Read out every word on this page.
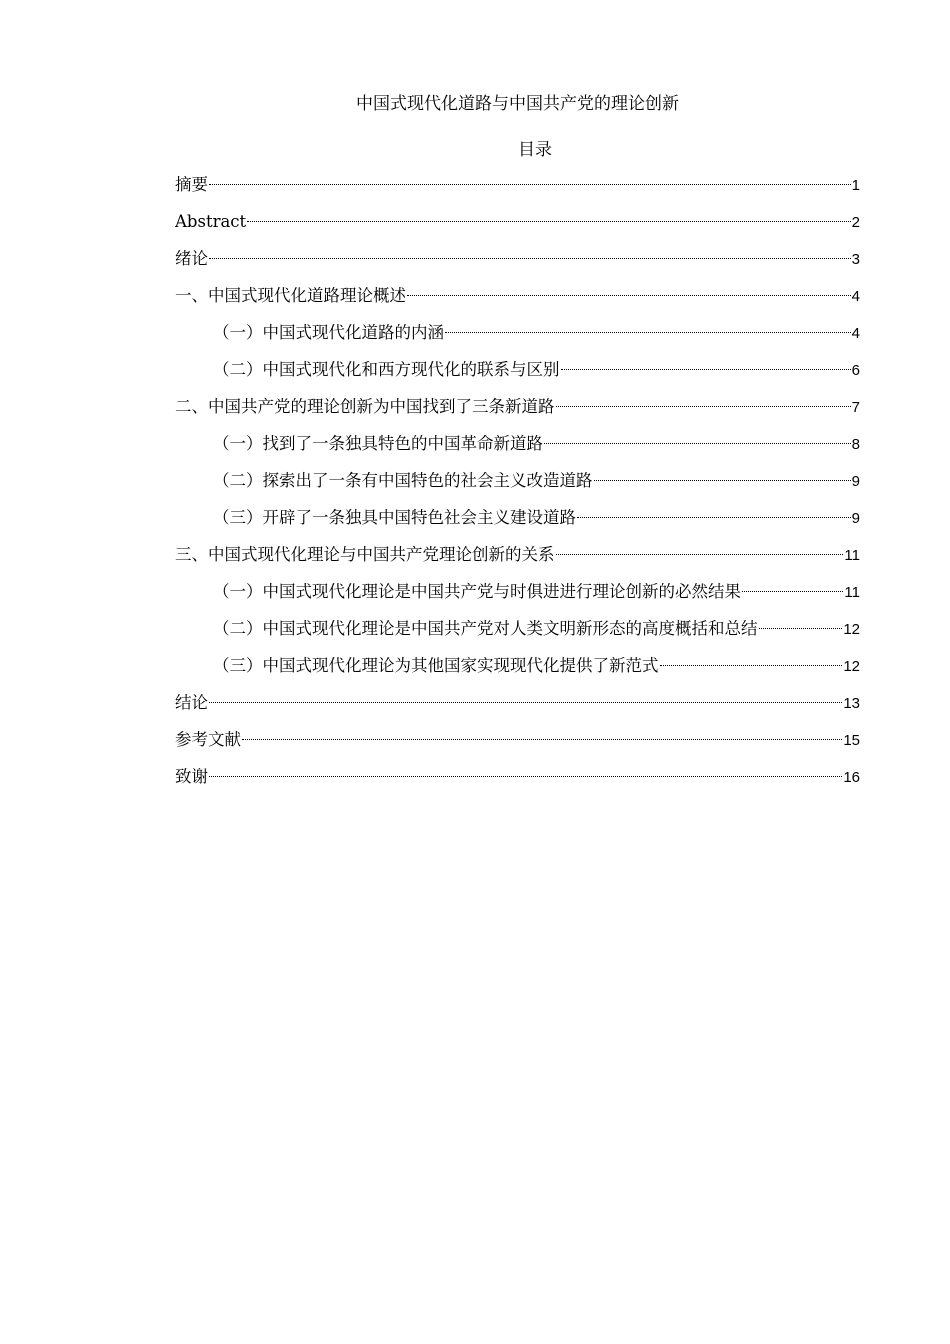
中国式现代化道路与中国共产党的理论创新
目录
摘要	1
Abstract	2
绪论	3
一、中国式现代化道路理论概述	4
（一）中国式现代化道路的内涵	4
（二）中国式现代化和西方现代化的联系与区别	6
二、中国共产党的理论创新为中国找到了三条新道路	7
（一）找到了一条独具特色的中国革命新道路	8
（二）探索出了一条有中国特色的社会主义改造道路	9
（三）开辟了一条独具中国特色社会主义建设道路	9
三、中国式现代化理论与中国共产党理论创新的关系	11
（一）中国式现代化理论是中国共产党与时俱进进行理论创新的必然结果	11
（二）中国式现代化理论是中国共产党对人类文明新形态的高度概括和总结	12
（三）中国式现代化理论为其他国家实现现代化提供了新范式	12
结论	13
参考文献	15
致谢	16
